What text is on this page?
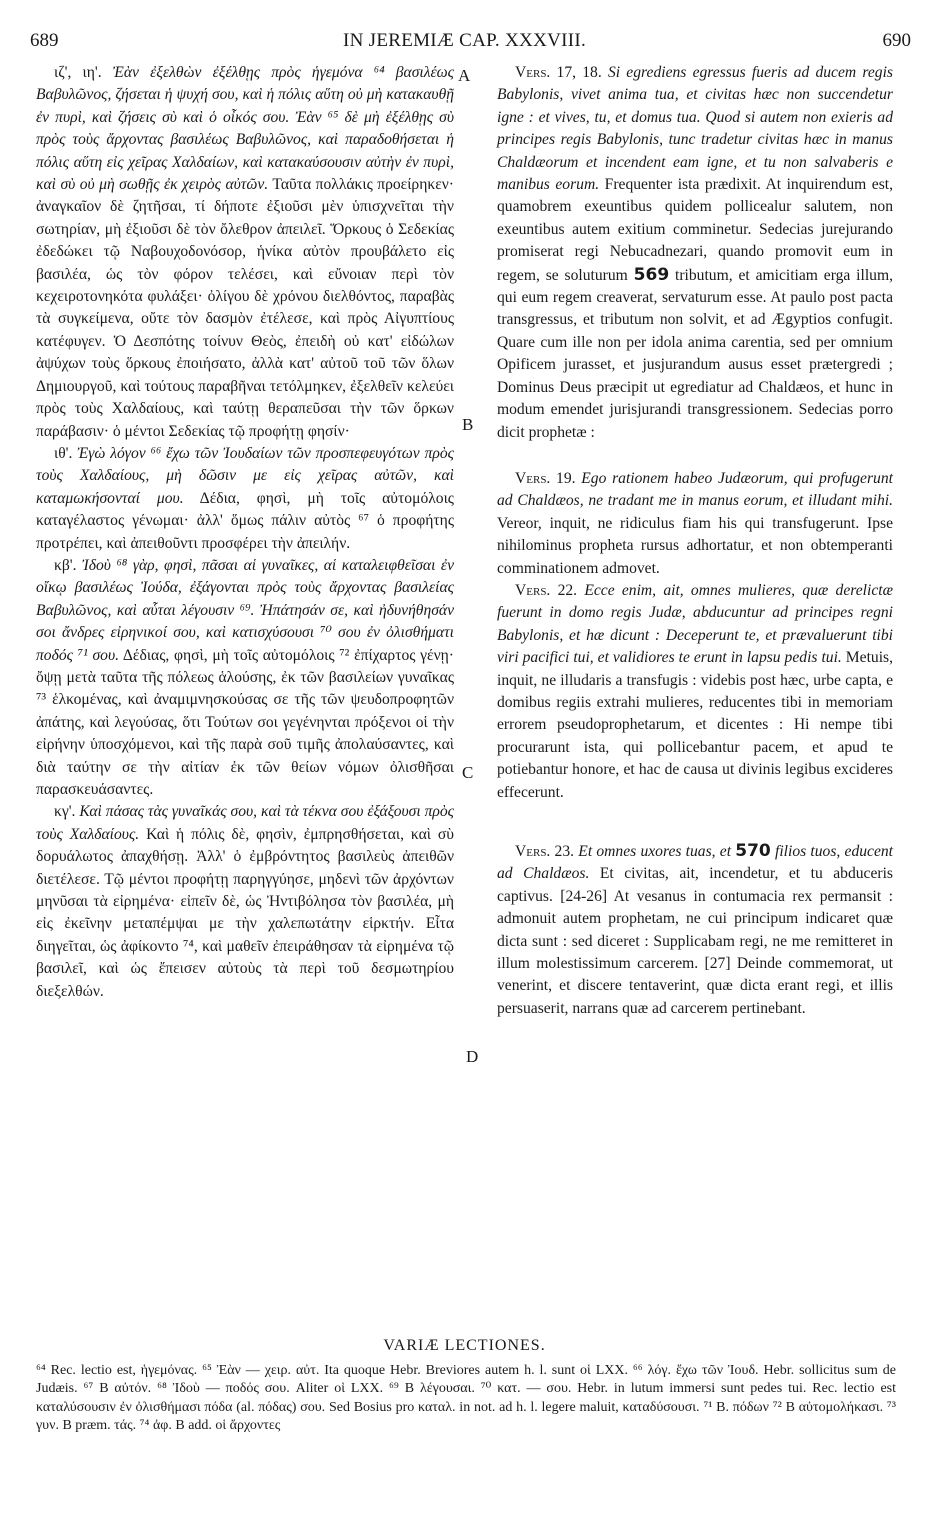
689	IN JEREMIÆ CAP. XXXVIII.	690
A
B
C
D

ιζ', ιη'. Ἐὰν ἐξελθὼν ἐξέλθῃς πρὸς ἡγεμόνα ⁶⁴ βασιλέως Βαβυλῶνος, ζήσεται ἡ ψυχή σου, καὶ ἡ πόλις αὕτη οὐ μὴ κατακαυθῇ ἐν πυρὶ, καὶ ζήσεις σὺ καὶ ὁ οἶκός σου. Ἐὰν ⁶⁵ δὲ μὴ ἐξέλθῃς σὺ πρὸς τοὺς ἄρχοντας βασιλέως Βαβυλῶνος, καὶ παραδοθήσεται ἡ πόλις αὕτη εἰς χεῖρας Χαλδαίων, καὶ κατακαύσουσιν αὐτὴν ἐν πυρὶ, καὶ σὺ οὐ μὴ σωθῇς ἐκ χειρὸς αὐτῶν. Ταῦτα πολλάκις προείρηκεν· ἀναγκαῖον δὲ ζητῆσαι, τί δήποτε ἐξιοῦσι μὲν ὑπισχνεῖται τὴν σωτηρίαν, μὴ ἐξιοῦσι δὲ τὸν ὄλεθρον ἀπειλεῖ. Ὅρκους ὁ Σεδεκίας ἐδεδώκει τῷ Ναβουχοδονόσορ, ἡνίκα αὐτὸν προυβάλετο εἰς βασιλέα, ὡς τὸν φόρον τελέσει, καὶ εὔνοιαν περὶ τὸν κεχειροτονηκότα φυλάξει· ὀλίγου δὲ χρόνου διελθόντος, παραβὰς τὰ συγκείμενα, οὔτε τὸν δασμὸν ἐτέλεσε, καὶ πρὸς Αἰγυπτίους κατέφυγεν. Ὁ Δεσπότης τοίνυν Θεὸς, ἐπειδὴ οὐ κατ' εἰδώλων ἀψύχων τοὺς ὅρκους ἐποιήσατο, ἀλλὰ κατ' αὐτοῦ τοῦ τῶν ὅλων Δημιουργοῦ, καὶ τούτους παραβῆναι τετόλμηκεν, ἐξελθεῖν κελεύει πρὸς τοὺς Χαλδαίους, καὶ ταύτῃ θεραπεῦσαι τὴν τῶν ὅρκων παράβασιν· ὁ μέντοι Σεδεκίας τῷ προφήτῃ φησίν·

ιθ'. Ἐγὼ λόγον ⁶⁶ ἔχω τῶν Ἰουδαίων τῶν προσπεφευγότων πρὸς τοὺς Χαλδαίους, μὴ δῶσιν με εἰς χεῖρας αὐτῶν, καὶ καταμωκήσονταί μου. Δέδια, φησὶ, μὴ τοῖς αὐτομόλοις καταγέλαστος γένωμαι· ἀλλ' ὅμως πάλιν αὐτὸς ⁶⁷ ὁ προφήτης προτρέπει, καὶ ἀπειθοῦντι προσφέρει τὴν ἀπειλήν.

κβ'. Ἰδοὺ ⁶⁸ γὰρ, φησὶ, πᾶσαι αἱ γυναῖκες, αἱ καταλειφθεῖσαι ἐν οἴκῳ βασιλέως Ἰούδα, ἐξάγονται πρὸς τοὺς ἄρχοντας βασιλείας Βαβυλῶνος, καὶ αὗται λέγουσιν ⁶⁹. Ἠπάτησάν σε, καὶ ἠδυνήθησάν σοι ἄνδρες εἰρηνικοί σου, καὶ κατισχύσουσι ⁷⁰ σου ἐν ὀλισθήματι ποδός ⁷¹ σου. Δέδιας, φησὶ, μὴ τοῖς αὐτομόλοις ⁷² ἐπίχαρτος γένῃ· ὄψῃ μετὰ ταῦτα τῆς πόλεως ἁλούσης, ἐκ τῶν βασιλείων γυναῖκας ⁷³ ἑλκομένας, καὶ ἀναμιμνησκούσας σε τῆς τῶν ψευδοπροφητῶν ἀπάτης, καὶ λεγούσας, ὅτι Τούτων σοι γεγένηνται πρόξενοι οἱ τὴν εἰρήνην ὑποσχόμενοι, καὶ τῆς παρὰ σοῦ τιμῆς ἀπολαύσαντες, καὶ διὰ ταύτην σε τὴν αἰτίαν ἐκ τῶν θείων νόμων ὀλισθῆσαι παρασκευάσαντες.

κγ'. Καὶ πάσας τὰς γυναῖκάς σου, καὶ τὰ τέκνα σου ἐξάξουσι πρὸς τοὺς Χαλδαίους. Καὶ ἡ πόλις δὲ, φησὶν, ἐμπρησθήσεται, καὶ σὺ δορυάλωτος ἀπαχθήσῃ. Ἀλλ' ὁ ἐμβρόντητος βασιλεὺς ἀπειθῶν διετέλεσε. Τῷ μέντοι προφήτῃ παρηγγύησε, μηδενὶ τῶν ἀρχόντων μηνῦσαι τὰ εἰρημένα· εἰπεῖν δὲ, ὡς Ἠντιβόλησα τὸν βασιλέα, μὴ εἰς ἐκεῖνην μεταπέμψαι με τὴν χαλεπωτάτην εἱρκτήν. Εἶτα διηγεῖται, ὡς ἀφίκοντο ⁷⁴, καὶ μαθεῖν ἐπειράθησαν τὰ εἰρημένα τῷ βασιλεῖ, καὶ ὡς ἔπεισεν αὐτοὺς τὰ περὶ τοῦ δεσμωτηρίου διεξελθών.

Vers. 17, 18. Si egrediens egressus fueris ad ducem regis Babylonis, vivet anima tua, et civitas hæc non succendetur igne : et vives, tu, et domus tua. Quod si autem non exieris ad principes regis Babylonis, tunc tradetur civitas hæc in manus Chaldæorum et incendent eam igne, et tu non salvaberis e manibus eorum. Frequenter ista prædixit. At inquirendum est, quamobrem exeuntibus quidem pollicealur salutem, non exeuntibus autem exitium comminetur. Sedecias jurejurando promiserat regi Nebucadnezari, quando promovit eum in regem, se soluturum 569 tributum, et amicitiam erga illum, qui eum regem creaverat, servaturum esse. At paulo post pacta transgressus, et tributum non solvit, et ad Ægyptios confugit. Quare cum ille non per idola anima carentia, sed per omnium Opificem jurasset, et jusjurandum ausus esset prætergredi ; Dominus Deus præcipit ut egrediatur ad Chaldæos, et hunc in modum emendet jurisjurandi transgressionem. Sedecias porro dicit prophetæ :

Vers. 19. Ego rationem habeo Judæorum, qui profugerunt ad Chaldæos, ne tradant me in manus eorum, et illudant mihi. Vereor, inquit, ne ridiculus fiam his qui transfugerunt. Ipse nihilominus propheta rursus adhortatur, et non obtemperanti comminationem admovet.

Vers. 22. Ecce enim, ait, omnes mulieres, quæ derelictæ fuerunt in domo regis Judæ, abducuntur ad principes regni Babylonis, et hæ dicunt : Deceperunt te, et prævaluerunt tibi viri pacifici tui, et validiores te erunt in lapsu pedis tui. Metuis, inquit, ne illudaris a transfugis : videbis post hæc, urbe capta, e domibus regiis extrahi mulieres, reducentes tibi in memoriam errorem pseudoprophetarum, et dicentes : Hi nempe tibi procurarunt ista, qui pollicebantur pacem, et apud te potiebantur honore, et hac de causa ut divinis legibus excideres effecerunt.

Vers. 23. Et omnes uxores tuas, et 570 filios tuos, educent ad Chaldæos. Et civitas, ait, incendetur, et tu abduceris captivus. [24-26] At vesanus in contumacia rex permansit : admonuit autem prophetam, ne cui principum indicaret quæ dicta sunt : sed diceret : Supplicabam regi, ne me remitteret in illum molestissimum carcerem. [27] Deinde commemorat, ut venerint, et discere tentaverint, quæ dicta erant regi, et illis persuaserit, narrans quæ ad carcerem pertinebant.

VARIÆ LECTIONES.

⁶⁴ Rec. lectio est, ἡγεμόνας. ⁶⁵ Ἐὰν — χειρ. αὐτ. Ita quoque Hebr. Breviores autem h. l. sunt οἱ LXX. ⁶⁶ λόγ. ἔχω τῶν Ἰουδ. Hebr. sollicitus sum de Judæis. ⁶⁷ B αὐτόν. ⁶⁸ Ἰδοὺ — ποδός σου. Aliter οἱ LXX. ⁶⁹ B λέγουσαι. ⁷⁰ κατ. — σου. Hebr. in lutum immersi sunt pedes tui. Rec. lectio est καταλύσουσιν ἐν ὀλισθήμασι πόδα (al. πόδας) σου. Sed Bosius pro καταλ. in not. ad h. l. legere maluit, καταδύσουσι. ⁷¹ B. πόδων ⁷² B αὐτομολήκασι. ⁷³ γυν. B præm. τάς. ⁷⁴ ἀφ. B add. οἱ ἄρχοντες
